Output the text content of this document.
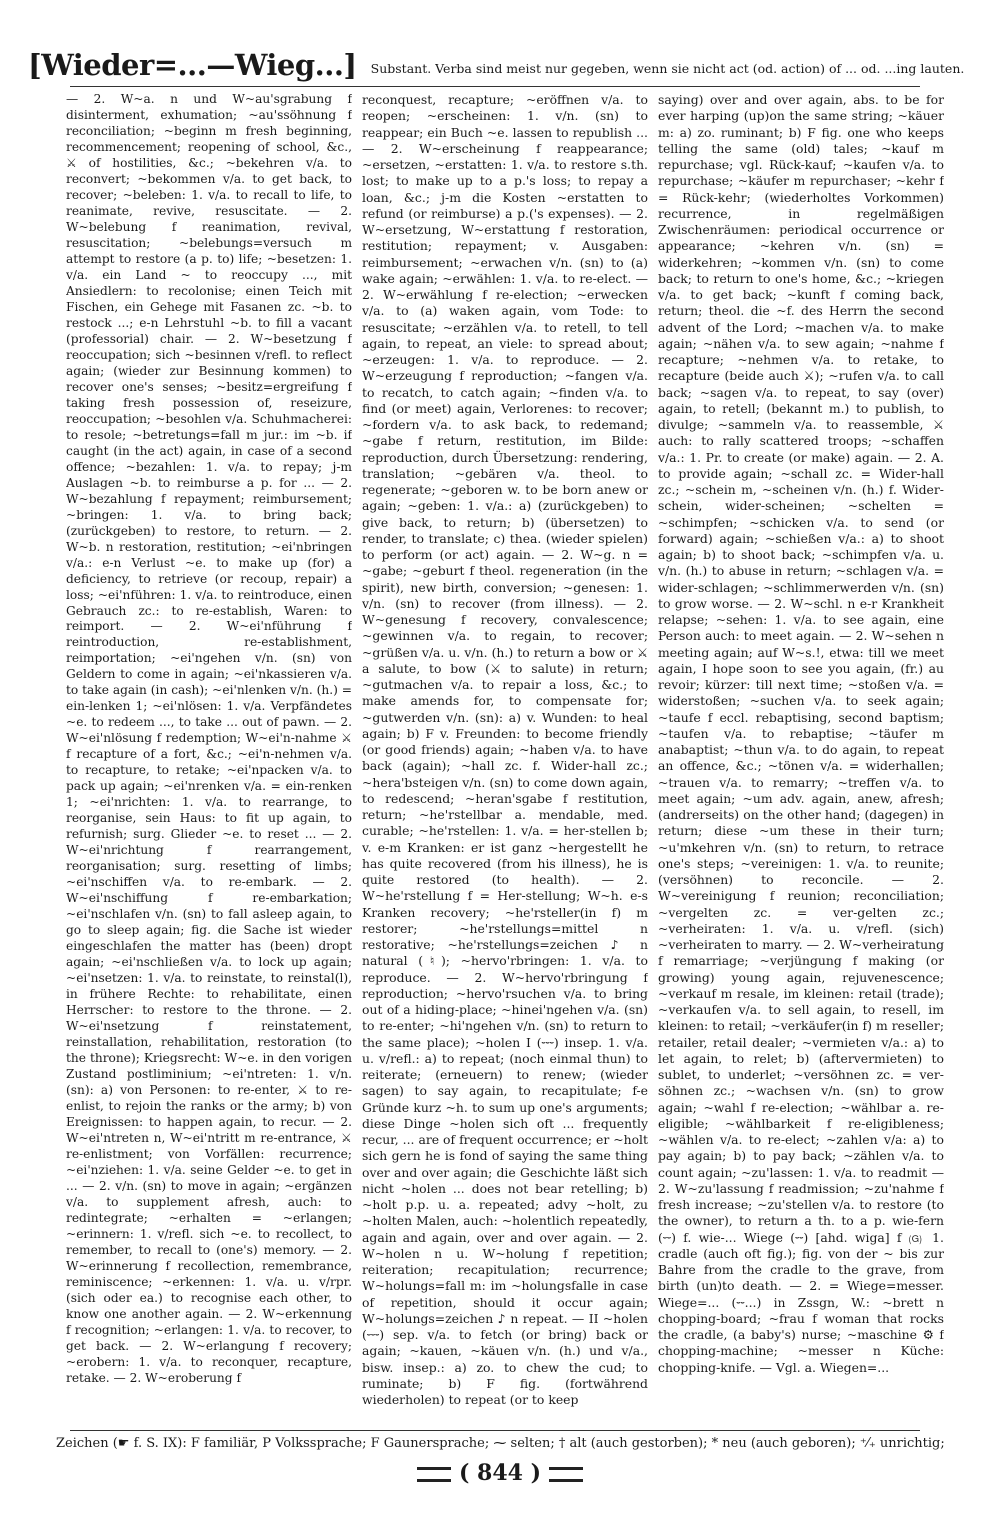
[Wieder=...—Wieg...] Substant. Verba sind meist nur gegeben, wenn sie nicht act (od. action) of ... od. ...ing lauten.

— 2. W~a. n und W~au'sgrabung f disinterment, exhumation; ~au'ssöhnung f reconciliation; ~beginn m fresh beginning, recommencement; reopening of school, &c., ⚔ of hostilities, &c.; ~bekehren v/a. to reconvert; ~bekommen v/a. to get back, to recover; ~beleben: 1. v/a. to recall to life, to reanimate, revive, resuscitate. — 2. W~belebung f reanimation, revival, resuscitation; ~belebungs=versuch m attempt to restore (a p. to) life; ~besetzen: 1. v/a. ein Land ~ to reoccupy ..., mit Ansiedlern: to recolonise; einen Teich mit Fischen, ein Gehege mit Fasanen zc. ~b. to restock ...; e-n Lehrstuhl ~b. to fill a vacant (professorial) chair. — 2. W~besetzung f reoccupation; sich ~besinnen v/refl. to reflect again; (wieder zur Besinnung kommen) to recover one's senses; ~besitz=ergreifung f taking fresh possession of, reseizure, reoccupation; ~besohlen v/a. Schuhmacherei: to resole; ~betretungs=fall m jur.: im ~b. if caught (in the act) again, in case of a second offence; ~bezahlen: 1. v/a. to repay; j-m Auslagen ~b. to reimburse a p. for ... — 2. W~bezahlung f repayment; reimbursement; ~bringen: 1. v/a. to bring back; (zurückgeben) to restore, to return. — 2. W~b. n restoration, restitution; ~ei'nbringen v/a.: e-n Verlust ~e. to make up (for) a deficiency, to retrieve (or recoup, repair) a loss; ~ei'nführen: 1. v/a. to reintroduce, einen Gebrauch zc.: to re-establish, Waren: to reimport. — 2. W~ei'nführung f reintroduction, re-establishment, reimportation; ~ei'ngehen v/n. (sn) von Geldern to come in again; ~ei'nkassieren v/a. to take again (in cash); ~ei'nlenken v/n. (h.) = ein-lenken 1; ~ei'nlösen: 1. v/a. Verpfändetes ~e. to redeem ..., to take ... out of pawn. — 2. W~ei'nlösung f redemption; W~ei'n-nahme ⚔ f recapture of a fort, &c.; ~ei'n-nehmen v/a. to recapture, to retake; ~ei'npacken v/a. to pack up again; ~ei'nrenken v/a. = ein-renken 1; ~ei'nrichten: 1. v/a. to rearrange, to reorganise, sein Haus: to fit up again, to refurnish; surg. Glieder ~e. to reset ... — 2. W~ei'nrichtung f rearrangement, reorganisation; surg. resetting of limbs; ~ei'nschiffen v/a. to re-embark. — 2. W~ei'nschiffung f re-embarkation; ~ei'nschlafen v/n. (sn) to fall asleep again, to go to sleep again; fig. die Sache ist wieder eingeschlafen the matter has (been) dropt again; ~ei'nschließen v/a. to lock up again; ~ei'nsetzen: 1. v/a. to reinstate, to reinstal(l), in frühere Rechte: to rehabilitate, einen Herrscher: to restore to the throne. — 2. W~ei'nsetzung f reinstatement, reinstallation, rehabilitation, restoration (to the throne); Kriegsrecht: W~e. in den vorigen Zustand postliminium; ~ei'ntreten: 1. v/n. (sn): a) von Personen: to re-enter, ⚔ to re-enlist, to rejoin the ranks or the army; b) von Ereignissen: to happen again, to recur. — 2. W~ei'ntreten n, W~ei'ntritt m re-entrance, ⚔ re-enlistment; von Vorfällen: recurrence; ~ei'nziehen: 1. v/a. seine Gelder ~e. to get in ... — 2. v/n. (sn) to move in again; ~ergänzen v/a. to supplement afresh, auch: to redintegrate; ~erhalten = ~erlangen; ~erinnern: 1. v/refl. sich ~e. to recollect, to remember, to recall to (one's) memory. — 2. W~erinnerung f recollection, remembrance, reminiscence; ~erkennen: 1. v/a. u. v/rpr. (sich oder ea.) to recognise each other, to know one another again. — 2. W~erkennung f recognition; ~erlangen: 1. v/a. to recover, to get back. — 2. W~erlangung f recovery; ~erobern: 1. v/a. to reconquer, recapture, retake. — 2. W~eroberung f

reconquest, recapture; ~eröffnen v/a. to reopen; ~erscheinen: 1. v/n. (sn) to reappear; ein Buch ~e. lassen to republish ... — 2. W~erscheinung f reappearance; ~ersetzen, ~erstatten: 1. v/a. to restore s.th. lost; to make up to a p.'s loss; to repay a loan, &c.; j-m die Kosten ~erstatten to refund (or reimburse) a p.('s expenses). — 2. W~ersetzung, W~erstattung f restoration, restitution; repayment; v. Ausgaben: reimbursement; ~erwachen v/n. (sn) to (a) wake again; ~erwählen: 1. v/a. to re-elect. — 2. W~erwählung f re-election; ~erwecken v/a. to (a) waken again, vom Tode: to resuscitate; ~erzählen v/a. to retell, to tell again, to repeat, an viele: to spread about; ~erzeugen: 1. v/a. to reproduce. — 2. W~erzeugung f reproduction; ~fangen v/a. to recatch, to catch again; ~finden v/a. to find (or meet) again, Verlorenes: to recover; ~fordern v/a. to ask back, to redemand; ~gabe f return, restitution, im Bilde: reproduction, durch Übersetzung: rendering, translation; ~gebären v/a. theol. to regenerate; ~geboren w. to be born anew or again; ~geben: 1. v/a.: a) (zurückgeben) to give back, to return; b) (übersetzen) to render, to translate; c) thea. (wieder spielen) to perform (or act) again. — 2. W~g. n = ~gabe; ~geburt f theol. regeneration (in the spirit), new birth, conversion; ~genesen: 1. v/n. (sn) to recover (from illness). — 2. W~genesung f recovery, convalescence; ~gewinnen v/a. to regain, to recover; ~grüßen v/a. u. v/n. (h.) to return a bow or ⚔ a salute, to bow (⚔ to salute) in return; ~gutmachen v/a. to repair a loss, &c.; to make amends for, to compensate for; ~gutwerden v/n. (sn): a) v. Wunden: to heal again; b) F v. Freunden: to become friendly (or good friends) again; ~haben v/a. to have back (again); ~hall zc. f. Wider-hall zc.; ~hera'bsteigen v/n. (sn) to come down again, to redescend; ~heran'sgabe f restitution, return; ~he'rstellbar a. mendable, med. curable; ~he'rstellen: 1. v/a. = her-stellen b; v. e-m Kranken: er ist ganz ~hergestellt he has quite recovered (from his illness), he is quite restored (to health). — 2. W~he'rstellung f = Her-stellung; W~h. e-s Kranken recovery; ~he'rsteller(in f) m restorer; ~he'rstellungs=mittel n restorative; ~he'rstellungs=zeichen ♪ n natural (♮); ~hervo'rbringen: 1. v/a. to reproduce. — 2. W~hervo'rbringung f reproduction; ~hervo'rsuchen v/a. to bring out of a hiding-place; ~hinei'ngehen v/a. (sn) to re-enter; ~hi'ngehen v/n. (sn) to return to the same place); ~holen I (⏑⏑⏑) insep. 1. v/a. u. v/refl.: a) to repeat; (noch einmal thun) to reiterate; (erneuern) to renew; (wieder sagen) to say again, to recapitulate; f-e Gründe kurz ~h. to sum up one's arguments; diese Dinge ~holen sich oft ... frequently recur, ... are of frequent occurrence; er ~holt sich gern he is fond of saying the same thing over and over again; die Geschichte läßt sich nicht ~holen ... does not bear retelling; b) ~holt p.p. u. a. repeated; advy ~holt, zu ~holten Malen, auch: ~holentlich repeatedly, again and again, over and over again. — 2. W~holen n u. W~holung f repetition; reiteration; recapitulation; recurrence; W~holungs=fall m: im ~holungsfalle in case of repetition, should it occur again; W~holungs=zeichen ♪ n repeat. — II ~holen (⏑⏑⏑) sep. v/a. to fetch (or bring) back or again; ~kauen, ~käuen v/n. (h.) und v/a., bisw. insep.: a) zo. to chew the cud; to ruminate; b) F fig. (fortwährend wiederholen) to repeat (or to keep

saying) over and over again, abs. to be for ever harping (up)on the same string; ~käuer m: a) zo. ruminant; b) F fig. one who keeps telling the same (old) tales; ~kauf m repurchase; vgl. Rück-kauf; ~kaufen v/a. to repurchase; ~käufer m repurchaser; ~kehr f = Rück-kehr; (wiederholtes Vorkommen) recurrence, in regelmäßigen Zwischenräumen: periodical occurrence or appearance; ~kehren v/n. (sn) = widerkehren; ~kommen v/n. (sn) to come back; to return to one's home, &c.; ~kriegen v/a. to get back; ~kunft f coming back, return; theol. die ~f. des Herrn the second advent of the Lord; ~machen v/a. to make again; ~nähen v/a. to sew again; ~nahme f recapture; ~nehmen v/a. to retake, to recapture (beide auch ⚔); ~rufen v/a. to call back; ~sagen v/a. to repeat, to say (over) again, to retell; (bekannt m.) to publish, to divulge; ~sammeln v/a. to reassemble, ⚔ auch: to rally scattered troops; ~schaffen v/a.: 1. Pr. to create (or make) again. — 2. A. to provide again; ~schall zc. = Wider-hall zc.; ~schein m, ~scheinen v/n. (h.) f. Wider-schein, wider-scheinen; ~schelten = ~schimpfen; ~schicken v/a. to send (or forward) again; ~schießen v/a.: a) to shoot again; b) to shoot back; ~schimpfen v/a. u. v/n. (h.) to abuse in return; ~schlagen v/a. = wider-schlagen; ~schlimmerwerden v/n. (sn) to grow worse. — 2. W~schl. n e-r Krankheit relapse; ~sehen: 1. v/a. to see again, eine Person auch: to meet again. — 2. W~sehen n meeting again; auf W~s.!, etwa: till we meet again, I hope soon to see you again, (fr.) au revoir; kürzer: till next time; ~stoßen v/a. = widerstoßen; ~suchen v/a. to seek again; ~taufe f eccl. rebaptising, second baptism; ~taufen v/a. to rebaptise; ~täufer m anabaptist; ~thun v/a. to do again, to repeat an offence, &c.; ~tönen v/a. = widerhallen; ~trauen v/a. to remarry; ~treffen v/a. to meet again; ~um adv. again, anew, afresh; (andrerseits) on the other hand; (dagegen) in return; diese ~um these in their turn; ~u'mkehren v/n. (sn) to return, to retrace one's steps; ~vereinigen: 1. v/a. to reunite; (versöhnen) to reconcile. — 2. W~vereinigung f reunion; reconciliation; ~vergelten zc. = ver-gelten zc.; ~verheiraten: 1. v/a. u. v/refl. (sich) ~verheiraten to marry. — 2. W~verheiratung f remarriage; ~verjüngung f making (or growing) young again, rejuvenescence; ~verkauf m resale, im kleinen: retail (trade); ~verkaufen v/a. to sell again, to resell, im kleinen: to retail; ~verkäufer(in f) m reseller; retailer, retail dealer; ~vermieten v/a.: a) to let again, to relet; b) (aftervermieten) to sublet, to underlet; ~versöhnen zc. = ver-söhnen zc.; ~wachsen v/n. (sn) to grow again; ~wahl f re-election; ~wählbar a. re-eligible; ~wählbarkeit f re-eligibleness; ~wählen v/a. to re-elect; ~zahlen v/a: a) to pay again; b) to pay back; ~zählen v/a. to count again; ~zu'lassen: 1. v/a. to readmit — 2. W~zu'lassung f readmission; ~zu'nahme f fresh increase; ~zu'stellen v/a. to restore (to the owner), to return a th. to a p. wie-fern (⏑⏑) f. wie-... Wiege (⏑⏑) [ahd. wiga] f 🄖 1. cradle (auch oft fig.); fig. von der ~ bis zur Bahre from the cradle to the grave, from birth (un)to death. — 2. = Wiege=messer. Wiege=... (⏑⏑...) in Zssgn, W.: ~brett n chopping-board; ~frau f woman that rocks the cradle, (a baby's) nurse; ~maschine ⚙ f chopping-machine; ~messer n Küche: chopping-knife. — Vgl. a. Wiegen=...

Zeichen (☛ f. S. IX): F familiär, P Volkssprache; F Gaunersprache; ⁓ selten; † alt (auch gestorben); * neu (auch geboren); ⁺⁄₊ unrichtig;
( 844 )
